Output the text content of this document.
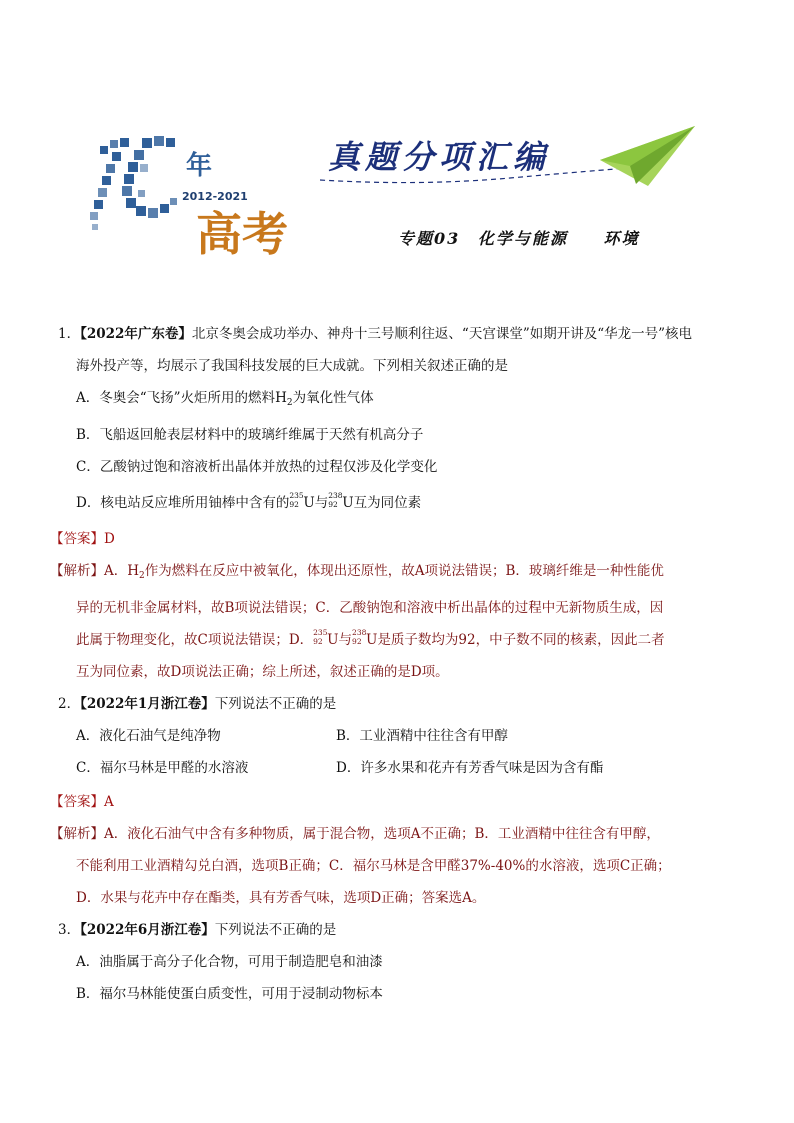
年
2012-2021
高考
真题分项汇编
专题03 化学与能源 环境
1．【2022年广东卷】北京冬奥会成功举办、神舟十三号顺利往返、“天宫课堂”如期开讲及“华龙一号”核电
海外投产等，均展示了我国科技发展的巨大成就。下列相关叙述正确的是
A．冬奥会“飞扬”火炬所用的燃料$H_2$为氧化性气体
B．飞船返回舱表层材料中的玻璃纤维属于天然有机高分子
C．乙酸钠过饱和溶液析出晶体并放热的过程仅涉及化学变化
D．核电站反应堆所用铀棒中含有的 235
92 U与 238
92 U互为同位素
【答案】D
【解析】A．$H_2$作为燃料在反应中被氧化，体现出还原性，故A项说法错误；B．玻璃纤维是一种性能优
异的无机非金属材料，故B项说法错误；C．乙酸钠饱和溶液中析出晶体的过程中无新物质生成，因
此属于物理变化，故C项说法错误；D． 235
92 U与 238
92 U是质子数均为92，中子数不同的核素，因此二者
互为同位素，故D项说法正确；综上所述，叙述正确的是D项。
2．【2022年1月浙江卷】下列说法不正确的是
A．液化石油气是纯净物	B．工业酒精中往往含有甲醇
C．福尔马林是甲醛的水溶液	D．许多水果和花卉有芳香气味是因为含有酯
【答案】A
【解析】A．液化石油气中含有多种物质，属于混合物，选项A不正确；B．工业酒精中往往含有甲醇，
不能利用工业酒精勾兑白酒，选项B正确；C．福尔马林是含甲醛37%-40%的水溶液，选项C正确；
D．水果与花卉中存在酯类，具有芳香气味，选项D正确；答案选A。
3．【2022年6月浙江卷】下列说法不正确的是
A．油脂属于高分子化合物，可用于制造肥皂和油漆
B．福尔马林能使蛋白质变性，可用于浸制动物标本
